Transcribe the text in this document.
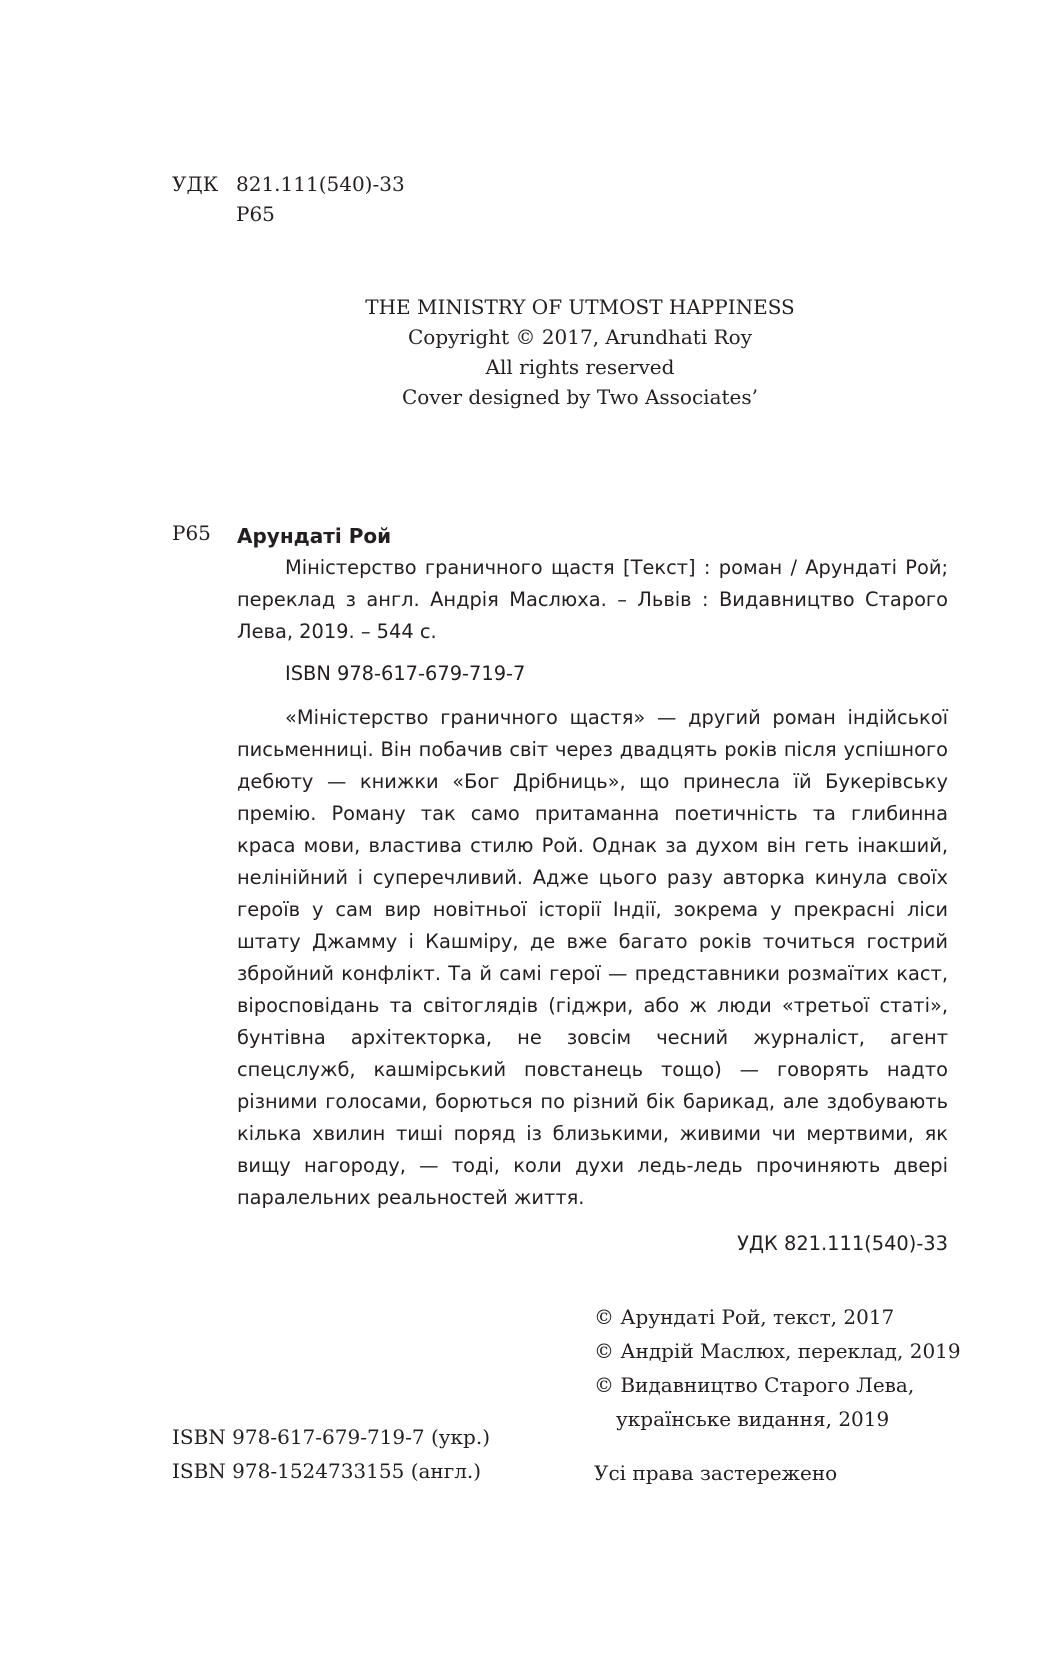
УДК 821.111(540)-33
Р65
THE MINISTRY OF UTMOST HAPPINESS
Copyright © 2017, Arundhati Roy
All rights reserved
Cover designed by Two Associates’
Р65 Арундаті Рой

Міністерство граничного щастя [Текст] : роман / Арундаті Рой; переклад з англ. Андрія Маслюха. – Львів : Видавництво Старого Лева, 2019. – 544 с.

ISBN 978-617-679-719-7

«Міністерство граничного щастя» — другий роман індійської письменниці. Він побачив світ через двадцять років після успішного дебюту — книжки «Бог Дрібниць», що принесла їй Букерівську премію. Роману так само притаманна поетичність та глибинна краса мови, властива стилю Рой. Однак за духом він геть інакший, нелінійний і суперечливий. Адже цього разу авторка кинула своїх героїв у сам вир новітньої історії Індії, зокрема у прекрасні ліси штату Джамму і Кашміру, де вже багато років точиться гострий збройний конфлікт. Та й самі герої — представники розмаїтих каст, віросповідань та світоглядів (гіджри, або ж люди «третьої статі», бунтівна архітекторка, не зовсім чесний журналіст, агент спецслужб, кашмірський повстанець тощо) — говорять надто різними голосами, борються по різний бік барикад, але здобувають кілька хвилин тиші поряд із близькими, живими чи мертвими, як вищу нагороду, — тоді, коли духи ледь-ледь прочиняють двері паралельних реальностей життя.

УДК 821.111(540)-33

© Арундаті Рой, текст, 2017
© Андрій Маслюх, переклад, 2019
© Видавництво Старого Лева,
українське видання, 2019
Усі права застережено
ISBN 978-617-679-719-7 (укр.)
ISBN 978-1524733155 (англ.)
